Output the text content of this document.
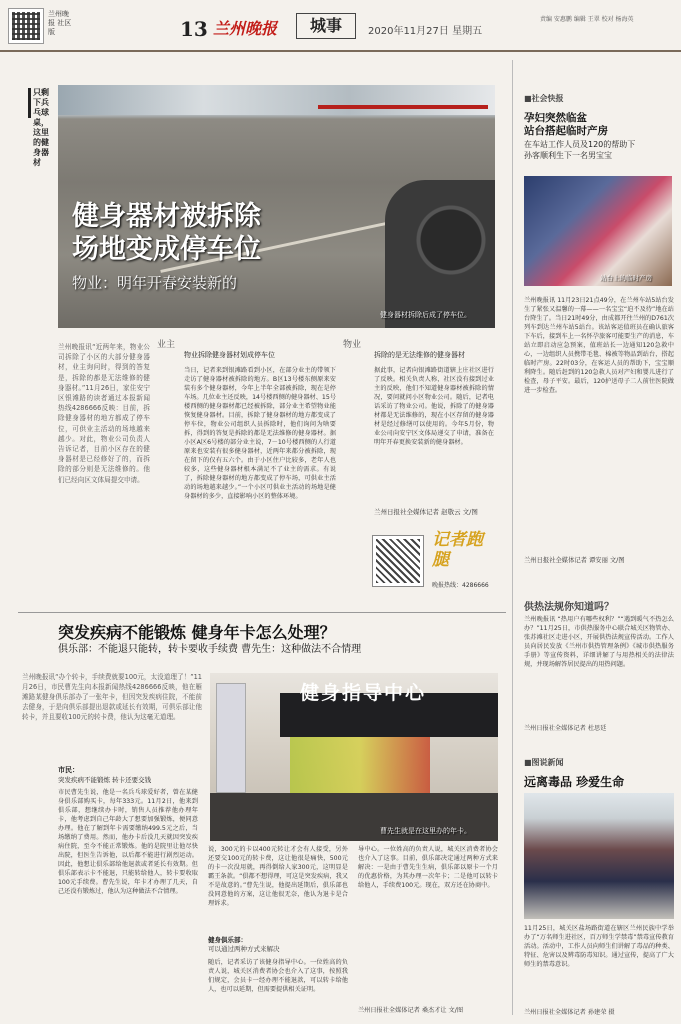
兰州晚报 社区版	13 兰州晚报	城事	2020年11月27日 星期五
责编 安惠鹏 编辑 王翠 校对 杨海英
只剩下兵乓球桌，这里的健身器材
健身器材被拆除
场地变成停车位
物业：明年开春安装新的
健身器材拆除后成了停车位。
兰州晚报讯“近两年来，物业公司拆除了小区的大部分健身器材，业主询问时，得到的答复是，拆除的都是无法维修的健身器材。”11月26日，家住安宁区银滩路的读者通过本报新闻热线4286666反映：目前，拆除健身器材的地方都成了停车位，可供业主活动的场地越来越少。对此，物业公司负责人告诉记者，目前小区存在的健身器材是已经修好了的，而拆除的部分则是无法维修的。他们已经向区文体局提交申请。
业主	物业
物业拆除健身器材划成停车位	拆除的是无法维修的健身器材
当日，记者来到银滩路看到小区，在部分业主的带领下走访了健身器材被拆除的地方。B区13号楼东侧原来安装有多个健身器材，今年上半年全部被拆除，现在是停车场。几位业主还反映，14号楼西侧的健身器材、15号楼西侧的健身器材都已经被拆除，部分业主希望物业能恢复健身器材。目前，拆除了健身器材的地方都变成了停车位，物业公司组织人员拆除时，他们询问为啥要拆，得到的答复是拆除的都是无法维修的健身器材。据小区A区6号楼的部分业主说，7－10号楼西侧的人行道原来也安装有很多健身器材，近两年来都分被拆除，现在留下的仅有五六个。由于小区住户比较多，老年人也较多，这些健身器材根本满足不了业主的需求。有说了，拆除健身器材的地方都变成了停车场，可供业主活动的场地越来越少。”一个小区可供业主活动的场地是健身器材的多少，直接影响小区的整体环境。
据此事，记者向银滩路街道辖上庄社区进行了反映。相关负责人称，社区没有接到过业主的反映，他们不知道健身器材被拆除的情况，要问就问小区物业公司。随后，记者电话采访了物业公司。他说，拆除了的健身器材都是无法维修的，现在小区存留的健身器材是经过修缮可以使用的。今年5月份，物业公司向安宁区文体局递交了申请，准备在明年开春更换安装新的健身器材。
兰州日报社全媒体记者 赵敬云 文/图
记者跑腿
晚报热线：4286666
突发疾病不能锻炼 健身年卡怎么处理？
俱乐部：不能退只能转，转卡要收手续费 曹先生：这种做法不合情理
兰州晚报讯“办个转卡，手续费就要100元，太没道理了！”11月26日，市民曹先生向本报新闻热线4286666反映，他在雁滩路某健身俱乐部办了一张年卡，但因突发疾病住院，不能前去健身，于是向俱乐部提出退款或延长有效期，可俱乐部让他转卡，并且要收100元的转卡费，他认为这毫无道理。
健身指导中心
曹先生就是在这里办的年卡。
市民：
突发疾病不能锻炼 转卡还要交钱
市民曹先生说，他是一名兵乓球爱好者，曾在某健身俱乐部购买卡，每年333元。11月2日，他来到俱乐部，想继续办卡时，销售人员推荐他办理年卡，他考虑到自己年龄大了想要加强锻炼，便同意办理。他在了解到年卡需要缴纳499.5元之后，当场缴纳了费用。然而，他办卡后没几天就因突发疾病住院，至今不能正常锻炼。他的是院里让他尽快出院，但医生告诉他，以后都不能进行剧烈运动。因此，他想让俱乐部给他退款或者延长有效期。但俱乐部表示卡不能退，只能转给他人，转卡要收取100元手续费。曹先生说，年卡才办理了几天，自己还没有锻炼过，他认为这种做法不合情理。
说，300元的卡以400元转让才会有人接受，另外还要交100元的转卡费，这让他很是痛快，500元的卡一次没用就，再得倒给人家300元，这明显是霸王条款。“俱都不想得理，可这是突发疾病，我又不是故意的。”曹先生说，他提出延期后，俱乐部也没同意他的方案，这让他很无奈，他认为退卡是合理诉求。
健身俱乐部：
可以通过两种方式来解决
随后，记者采访了该健身指导中心。一位姓高的负责人说，城关区消费者协会也介入了这事，按照我们规定，会员卡一经办理不能退款，可以转卡给他人，也可以延期，但需要提供相关证明。
导中心。一位姓高的负责人说，城关区消费者协会也介入了这事。目前，俱乐部决定通过两种方式来解决：一是由于曹先生生病，俱乐部以原卡一个月的优惠价格，为其办理一次年卡；二是他可以转卡给他人，手续费100元。现在，双方还在协商中。
兰州日报社全媒体记者 桑杰才让 文/图
■社会快报
孕妇突然临盆
站台搭起临时产房
在车站工作人员及120的帮助下
孙客顺利生下一名男宝宝
站台上的临时产房
兰州晚报讯 11月23日21点49分，在兰州车站5站台发生了紧张又温馨的一幕——一名宝宝“迫不及待”地在站台降生了。当日21时49分，由成都开往兰州的D761次列车到达兰州车站5站台。该站客运值班员在确认旅客下车后，接到车上一名怀孕旅客可能要生产的消息，车站立即启动应急预案，值班站长一边通知120急救中心，一边组织人员携带毛毯、棉被等物品到站台，搭起临时产房。22时03分，在客运人员的帮助下，宝宝顺利降生。随后赶到的120急救人员对产妇和婴儿进行了检查，母子平安。最后，120护送母子二人前往医院做进一步检查。
兰州日报社全媒体记者 谭安丽 文/图
供热法规你知道吗？
兰州晚报讯 “热用户有哪些权利？”“遇到暖气不热怎么办？”11月25日，市供热服务中心联合城关区物管办、张苏滩社区走进小区，开展供热法规宣传活动。工作人员向居民发放《兰州市供热管理条例》《城市供热服务手册》等宣传资料，详细讲解了与用热相关的法律法规，并现场解答居民提出的用热问题。
兰州日报社全媒体记者 杜思廷
■图说新闻
远离毒品 珍爱生命
11月25日，城关区盐场路街道在辖区兰州民族中学举办了“万名师生进社区，百万师生学禁毒”禁毒宣传教育活动。活动中，工作人员向师生们讲解了毒品的种类、特征、危害以及辨毒防毒知识。通过宣传，提高了广大师生的禁毒意识。
兰州日报社全媒体记者 孙建荣 摄
